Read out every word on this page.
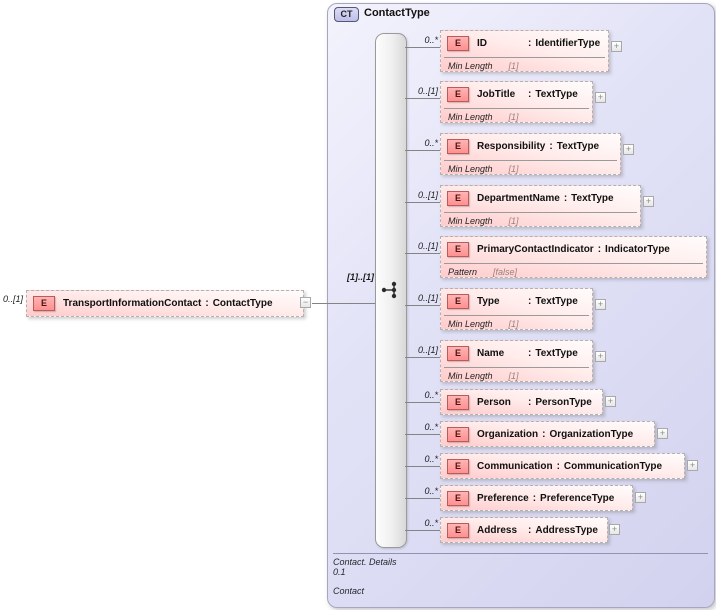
CT	ContactType
0..[1]	E	TransportInformationContact : ContactType	−
[1]..[1]
0..*
0..[1]
0..*
0..[1]
0..[1]
0..[1]
0..[1]
0..*
0..*
0..*
0..*
0..*
E	ID	: IdentifierType
Min Length [1]
+
E	JobTitle	: TextType
Min Length [1]
+
E	Responsibility : TextType
Min Length [1]
+
E	DepartmentName : TextType
Min Length [1]
+
E	PrimaryContactIndicator : IndicatorType
Pattern [false]
E	Type	: TextType
Min Length [1]
+
E	Name	: TextType
Min Length [1]
+
E	Person	: PersonType	+
E	Organization : OrganizationType	+
E	Communication : CommunicationType	+
E	Preference : PreferenceType	+
E	Address	: AddressType	+
Contact. Details
0.1
Contact
